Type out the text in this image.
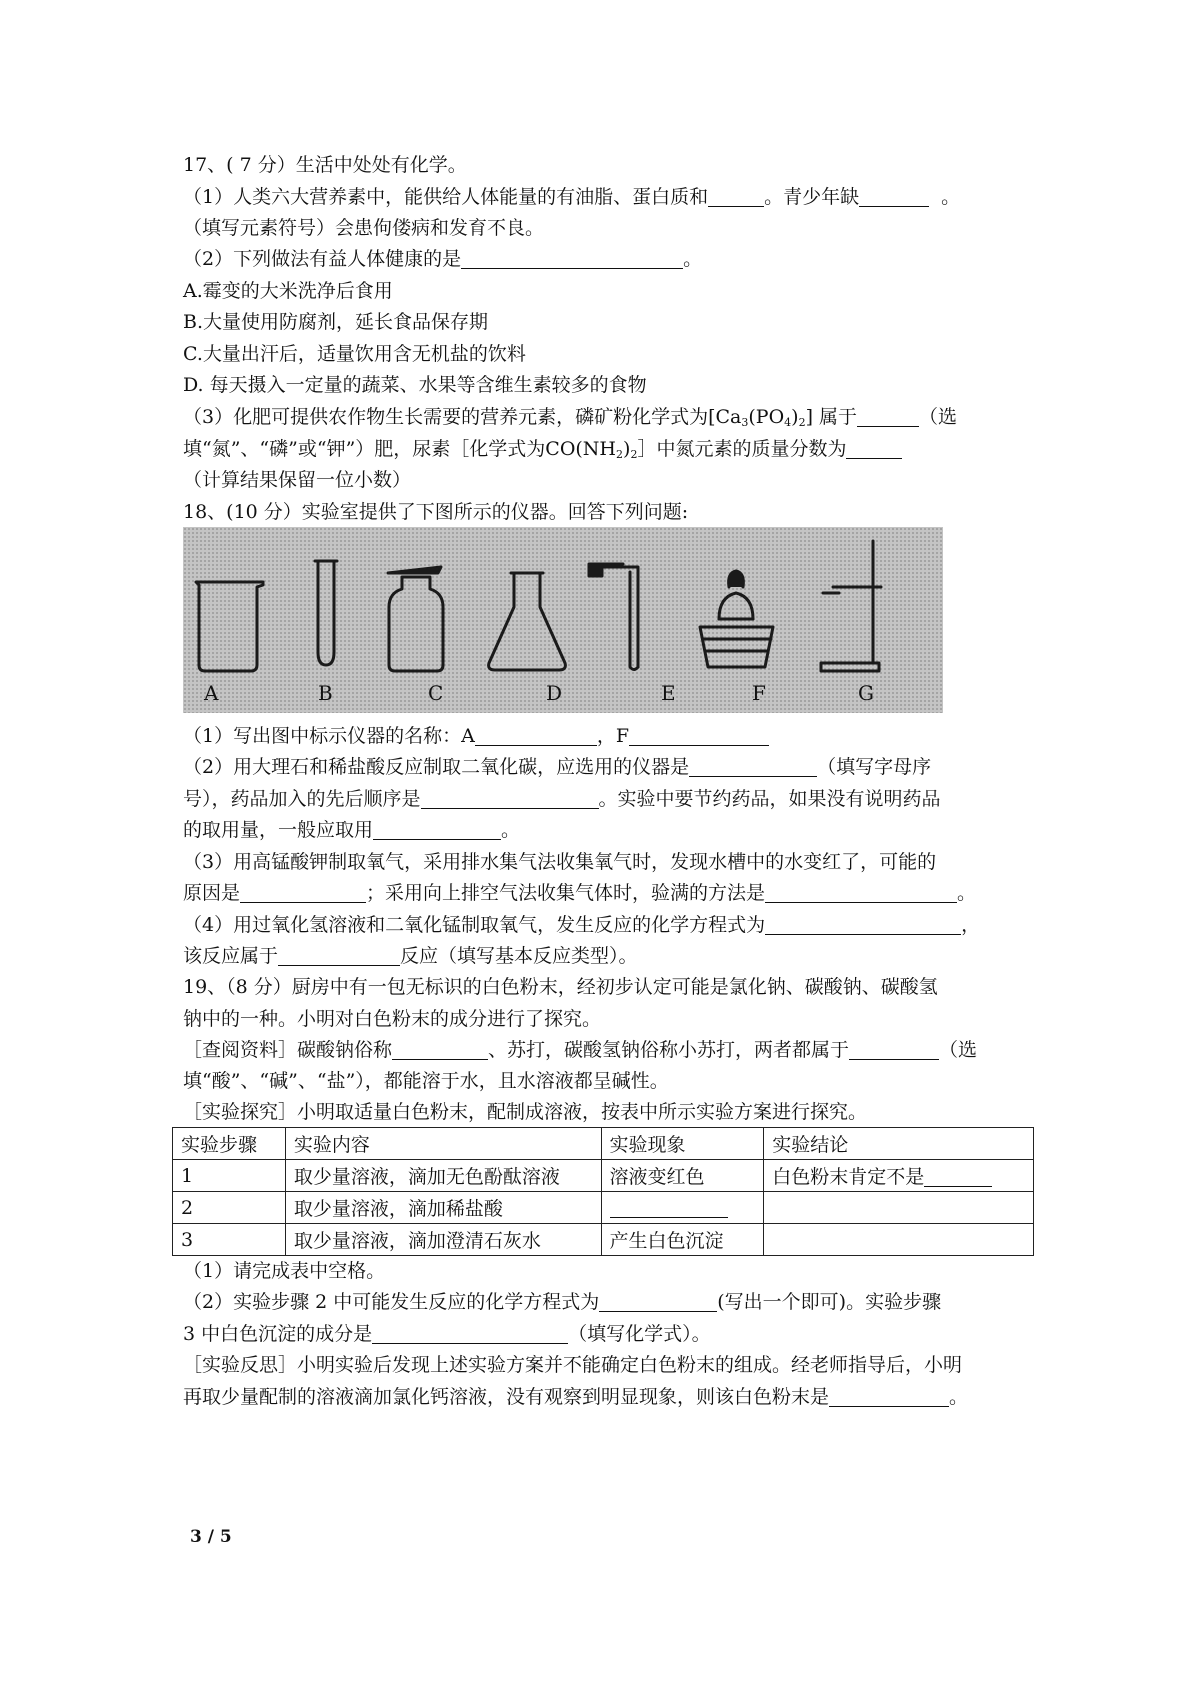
17、( 7 分）生活中处处有化学。
（1）人类六大营养素中，能供给人体能量的有油脂、蛋白质和	。青少年缺	。
（填写元素符号）会患佝偻病和发育不良。
（2）下列做法有益人体健康的是	。
A.霉变的大米洗净后食用
B.大量使用防腐剂，延长食品保存期
C.大量出汗后，适量饮用含无机盐的饮料
D. 每天摄入一定量的蔬菜、水果等含维生素较多的食物
（3）化肥可提供农作物生长需要的营养元素，磷矿粉化学式为$[Ca_3(PO_4)_2]$ 属于	（选
填“氮”、“磷”或“钾”）肥，尿素［化学式为$CO(NH_2)_2]$中氮元素的质量分数为
（计算结果保留一位小数）
18、(10 分）实验室提供了下图所示的仪器。回答下列问题:
A	B	C	D	E	F	G
（1）写出图中标示仪器的名称：A	，F
（2）用大理石和稀盐酸反应制取二氧化碳，应选用的仪器是	（填写字母序
号），药品加入的先后顺序是	。实验中要节约药品，如果没有说明药品
的取用量，一般应取用	。
（3）用高锰酸钾制取氧气，采用排水集气法收集氧气时，发现水槽中的水变红了，可能的
原因是	；采用向上排空气法收集气体时，验满的方法是	。
（4）用过氧化氢溶液和二氧化锰制取氧气，发生反应的化学方程式为	，
该反应属于	反应（填写基本反应类型）。
19、（8 分）厨房中有一包无标识的白色粉末，经初步认定可能是氯化钠、碳酸钠、碳酸氢
钠中的一种。小明对白色粉末的成分进行了探究。
［查阅资料］碳酸钠俗称	、苏打，碳酸氢钠俗称小苏打，两者都属于	（选
填“酸”、“碱”、“盐”），都能溶于水，且水溶液都呈碱性。
［实验探究］小明取适量白色粉末，配制成溶液，按表中所示实验方案进行探究。
实验步骤	实验内容	实验现象	实验结论
1	取少量溶液，滴加无色酚酞溶液	溶液变红色	白色粉末肯定不是
2	取少量溶液，滴加稀盐酸		
3	取少量溶液，滴加澄清石灰水	产生白色沉淀	
（1）请完成表中空格。
（2）实验步骤 2 中可能发生反应的化学方程式为	(写出一个即可)。实验步骤
3 中白色沉淀的成分是	（填写化学式）。
［实验反思］小明实验后发现上述实验方案并不能确定白色粉末的组成。经老师指导后，小明
再取少量配制的溶液滴加氯化钙溶液，没有观察到明显现象，则该白色粉末是	。
3 / 5
